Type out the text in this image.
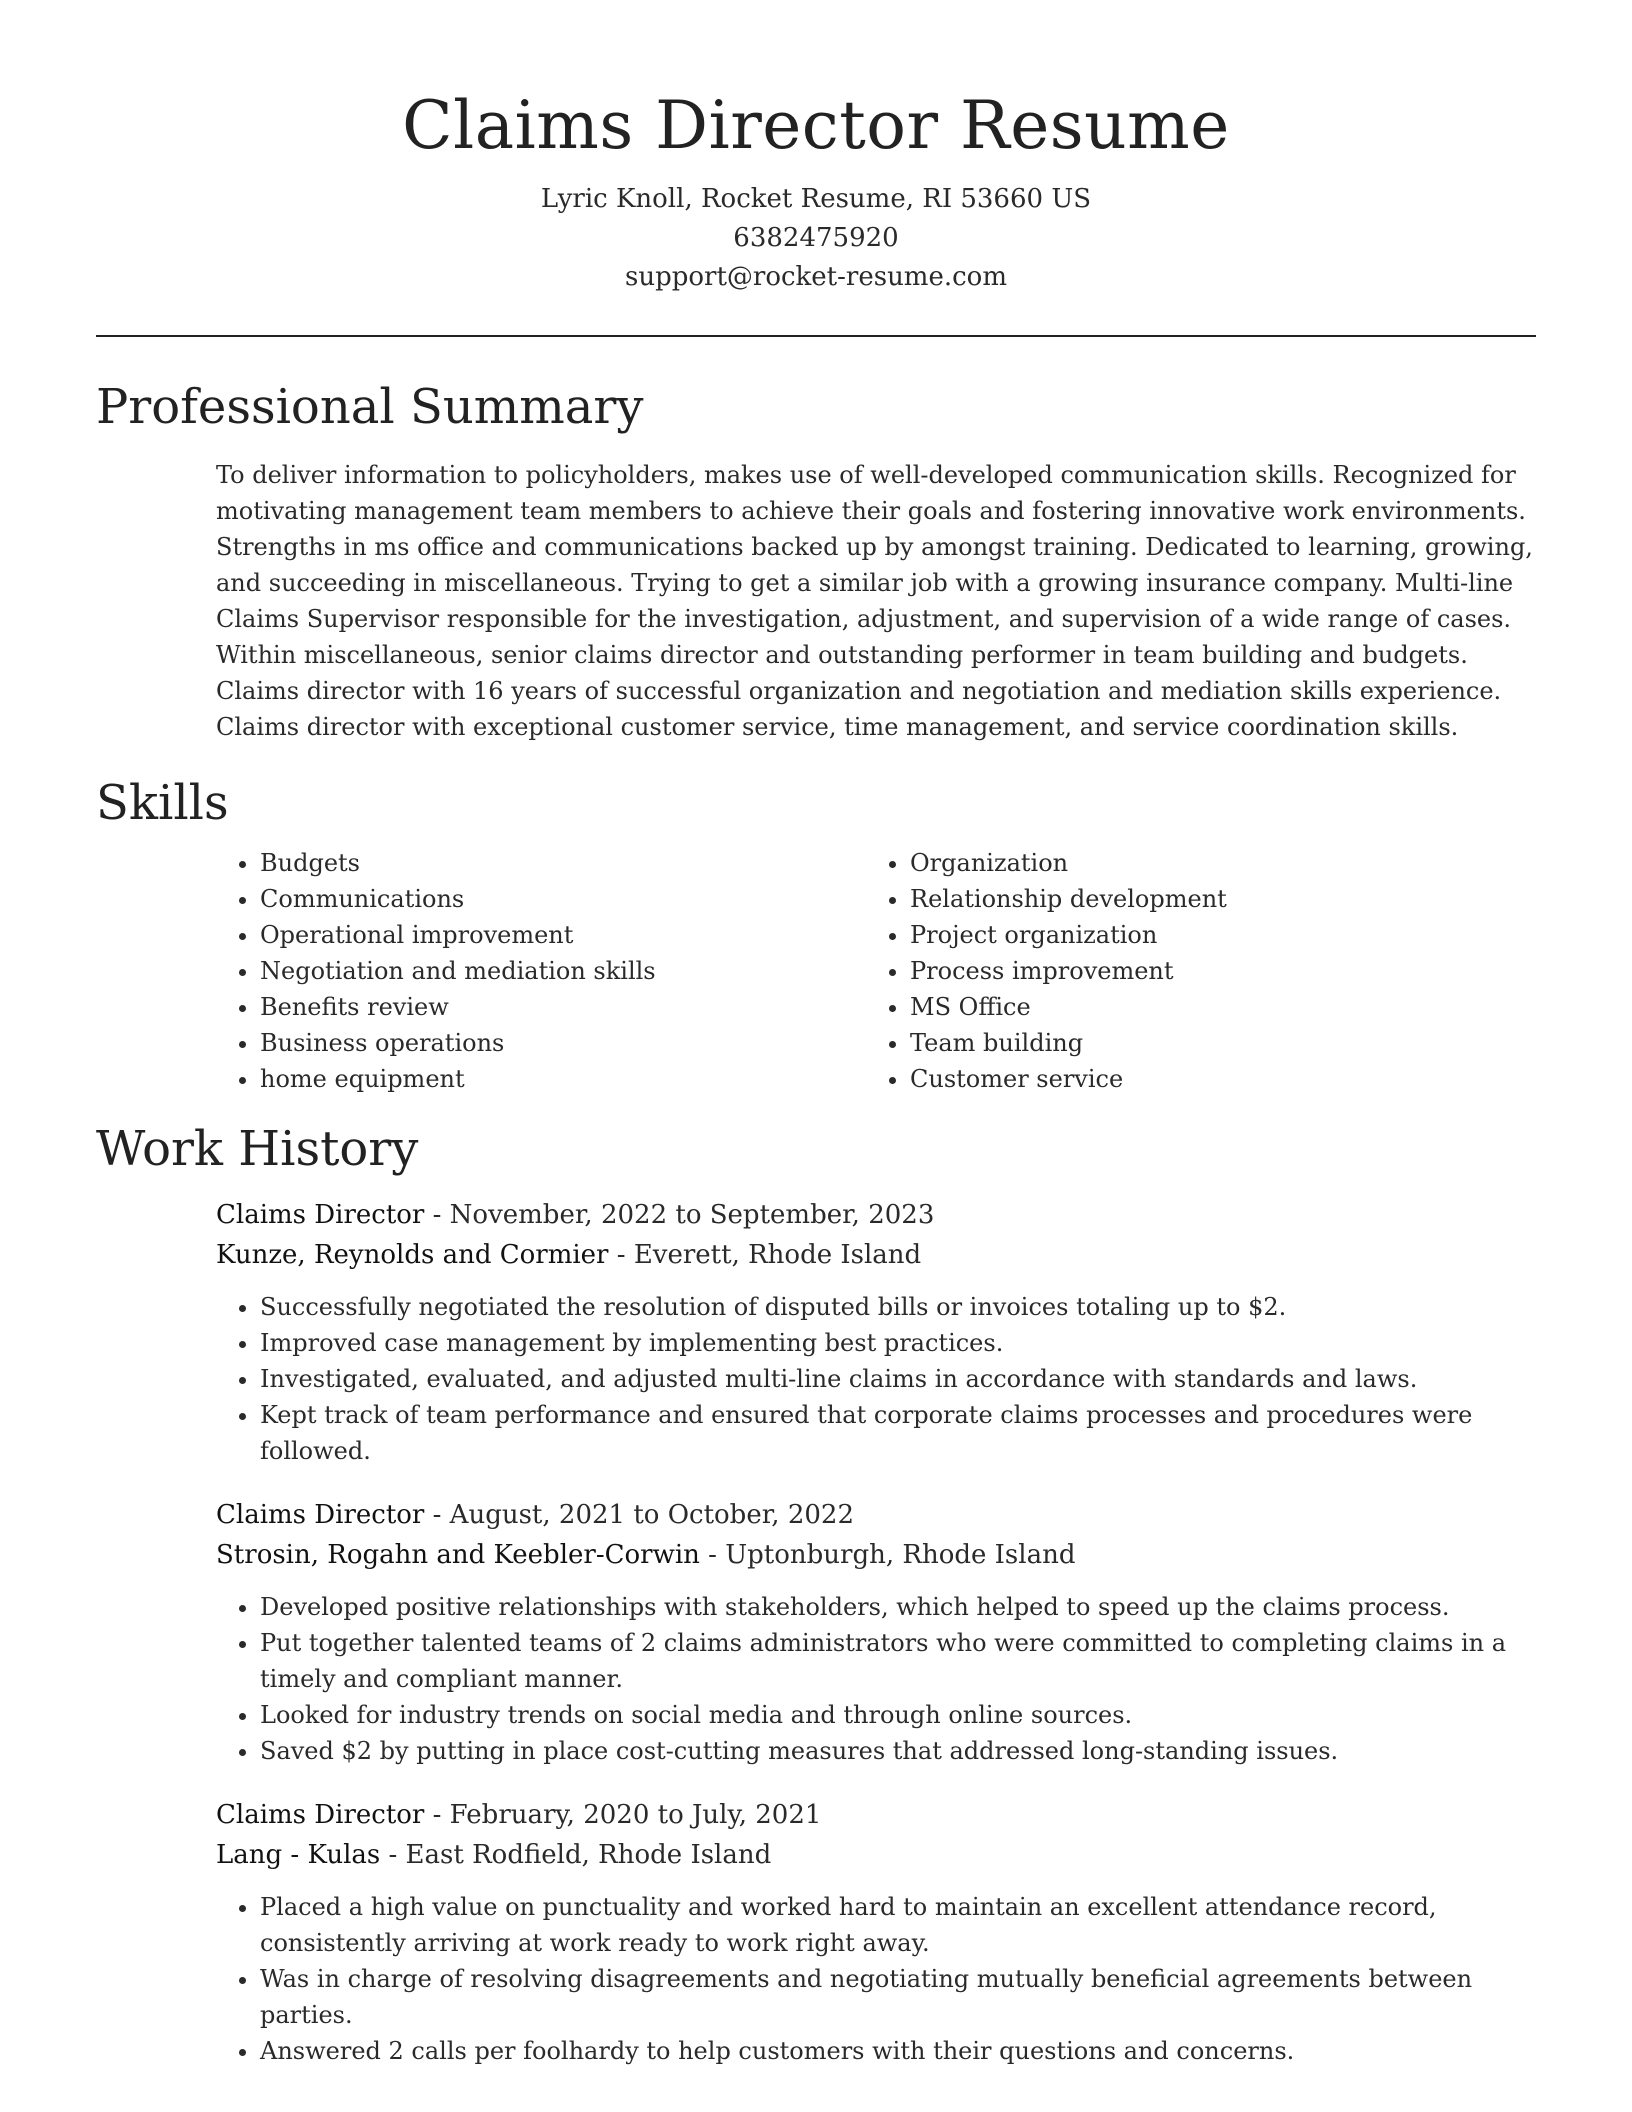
Claims Director Resume
Lyric Knoll, Rocket Resume, RI 53660 US
6382475920
support@rocket-resume.com
Professional Summary

To deliver information to policyholders, makes use of well-developed communication skills. Recognized for motivating management team members to achieve their goals and fostering innovative work environments. Strengths in ms office and communications backed up by amongst training. Dedicated to learning, growing, and succeeding in miscellaneous. Trying to get a similar job with a growing insurance company. Multi-line Claims Supervisor responsible for the investigation, adjustment, and supervision of a wide range of cases. Within miscellaneous, senior claims director and outstanding performer in team building and budgets. Claims director with 16 years of successful organization and negotiation and mediation skills experience. Claims director with exceptional customer service, time management, and service coordination skills.

Skills
• Budgets
• Communications
• Operational improvement
• Negotiation and mediation skills
• Benefits review
• Business operations
• home equipment
• Organization
• Relationship development
• Project organization
• Process improvement
• MS Office
• Team building
• Customer service
Work History
Claims Director - November, 2022 to September, 2023
Kunze, Reynolds and Cormier - Everett, Rhode Island
• Successfully negotiated the resolution of disputed bills or invoices totaling up to $2.
• Improved case management by implementing best practices.
• Investigated, evaluated, and adjusted multi-line claims in accordance with standards and laws.
• Kept track of team performance and ensured that corporate claims processes and procedures were followed.
Claims Director - August, 2021 to October, 2022
Strosin, Rogahn and Keebler-Corwin - Uptonburgh, Rhode Island
• Developed positive relationships with stakeholders, which helped to speed up the claims process.
• Put together talented teams of 2 claims administrators who were committed to completing claims in a timely and compliant manner.
• Looked for industry trends on social media and through online sources.
• Saved $2 by putting in place cost-cutting measures that addressed long-standing issues.
Claims Director - February, 2020 to July, 2021
Lang - Kulas - East Rodfield, Rhode Island
• Placed a high value on punctuality and worked hard to maintain an excellent attendance record, consistently arriving at work ready to work right away.
• Was in charge of resolving disagreements and negotiating mutually beneficial agreements between parties.
• Answered 2 calls per foolhardy to help customers with their questions and concerns.
